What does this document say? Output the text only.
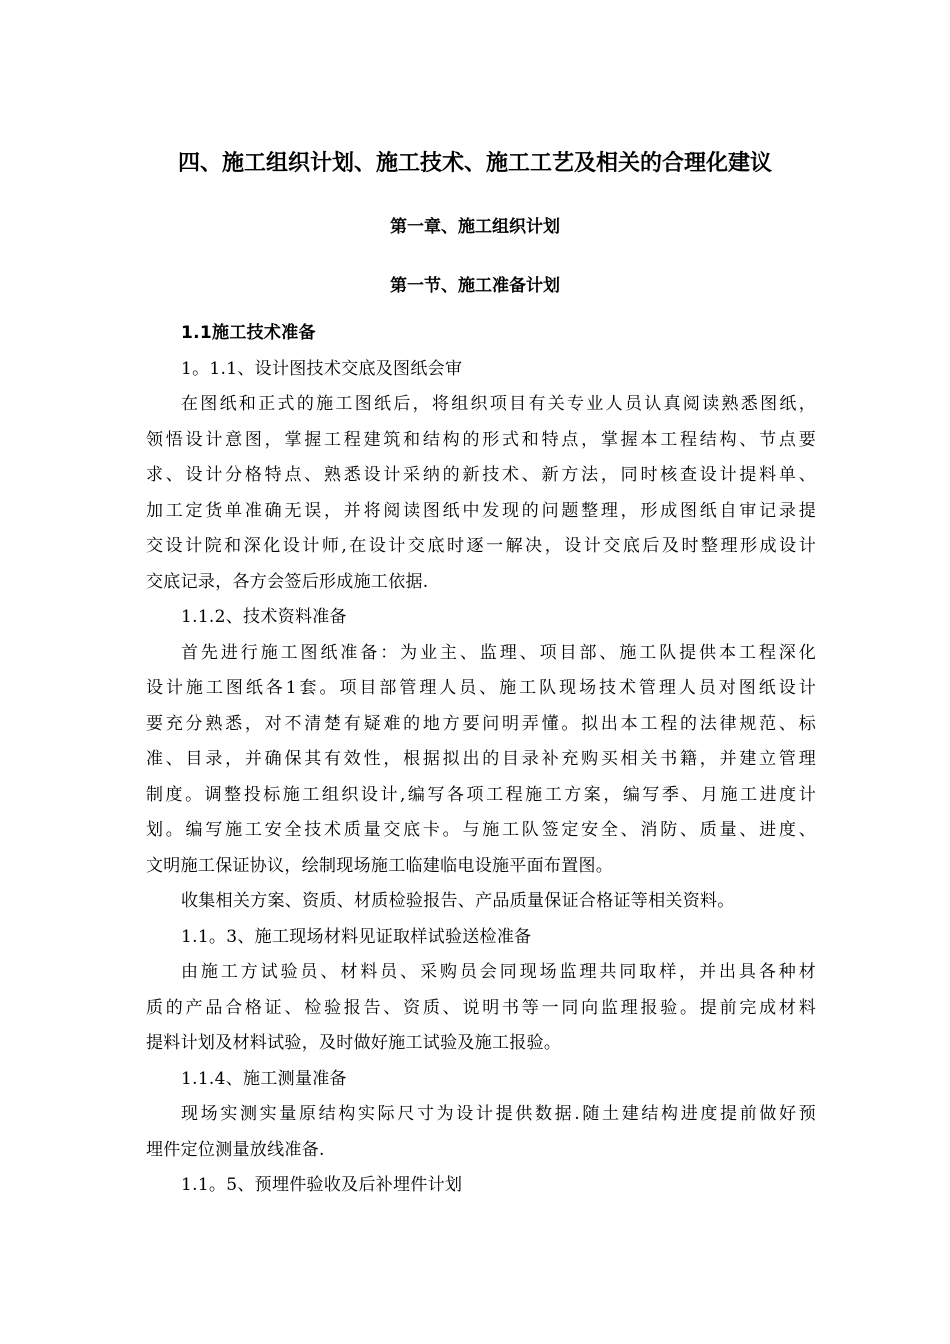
四、施工组织计划、施工技术、施工工艺及相关的合理化建议
第一章、施工组织计划
第一节、施工准备计划
1.1施工技术准备
1。1.1、设计图技术交底及图纸会审
在图纸和正式的施工图纸后，将组织项目有关专业人员认真阅读熟悉图纸，
领悟设计意图，掌握工程建筑和结构的形式和特点，掌握本工程结构、节点要
求、设计分格特点、熟悉设计采纳的新技术、新方法，同时核查设计提料单、
加工定货单准确无误，并将阅读图纸中发现的问题整理，形成图纸自审记录提
交设计院和深化设计师,在设计交底时逐一解决，设计交底后及时整理形成设计
交底记录，各方会签后形成施工依据.
1.1.2、技术资料准备
首先进行施工图纸准备：为业主、监理、项目部、施工队提供本工程深化
设计施工图纸各1套。项目部管理人员、施工队现场技术管理人员对图纸设计
要充分熟悉，对不清楚有疑难的地方要问明弄懂。拟出本工程的法律规范、标
准、目录，并确保其有效性，根据拟出的目录补充购买相关书籍，并建立管理
制度。调整投标施工组织设计,编写各项工程施工方案，编写季、月施工进度计
划。编写施工安全技术质量交底卡。与施工队签定安全、消防、质量、进度、
文明施工保证协议，绘制现场施工临建临电设施平面布置图。
收集相关方案、资质、材质检验报告、产品质量保证合格证等相关资料。
1.1。3、施工现场材料见证取样试验送检准备
由施工方试验员、材料员、采购员会同现场监理共同取样，并出具各种材
质的产品合格证、检验报告、资质、说明书等一同向监理报验。提前完成材料
提料计划及材料试验，及时做好施工试验及施工报验。
1.1.4、施工测量准备
现场实测实量原结构实际尺寸为设计提供数据.随土建结构进度提前做好预
埋件定位测量放线准备.
1.1。5、预埋件验收及后补埋件计划
